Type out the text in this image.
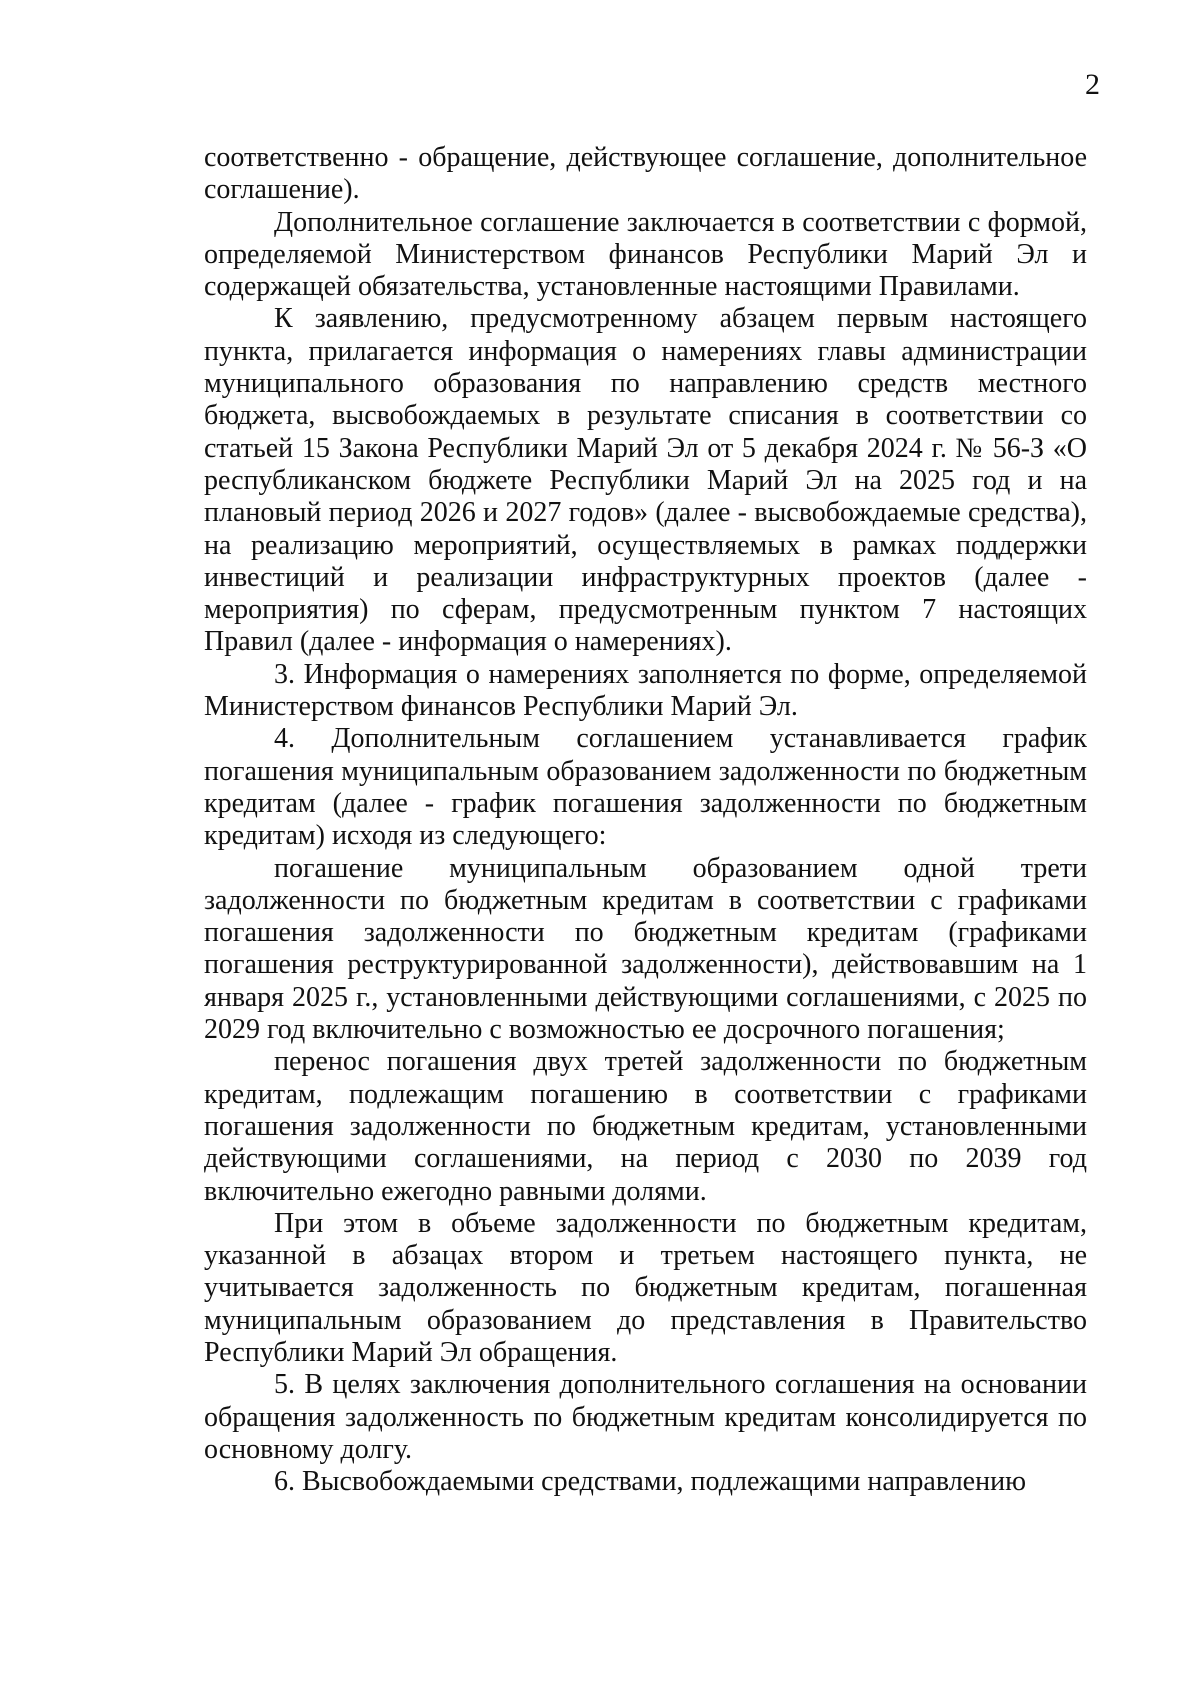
2

соответственно - обращение, действующее соглашение, дополнительное соглашение).

Дополнительное соглашение заключается в соответствии с формой, определяемой Министерством финансов Республики Марий Эл и содержащей обязательства, установленные настоящими Правилами.

К заявлению, предусмотренному абзацем первым настоящего пункта, прилагается информация о намерениях главы администрации муниципального образования по направлению средств местного бюджета, высвобождаемых в результате списания в соответствии со статьей 15 Закона Республики Марий Эл от 5 декабря 2024 г. № 56-З «О республиканском бюджете Республики Марий Эл на 2025 год и на плановый период 2026 и 2027 годов» (далее - высвобождаемые средства), на реализацию мероприятий, осуществляемых в рамках поддержки инвестиций и реализации инфраструктурных проектов (далее - мероприятия) по сферам, предусмотренным пунктом 7 настоящих Правил (далее - информация о намерениях).

3. Информация о намерениях заполняется по форме, определяемой Министерством финансов Республики Марий Эл.

4. Дополнительным соглашением устанавливается график погашения муниципальным образованием задолженности по бюджетным кредитам (далее - график погашения задолженности по бюджетным кредитам) исходя из следующего:

погашение муниципальным образованием одной трети задолженности по бюджетным кредитам в соответствии с графиками погашения задолженности по бюджетным кредитам (графиками погашения реструктурированной задолженности), действовавшим на 1 января 2025 г., установленными действующими соглашениями, с 2025 по 2029 год включительно с возможностью ее досрочного погашения;

перенос погашения двух третей задолженности по бюджетным кредитам, подлежащим погашению в соответствии с графиками погашения задолженности по бюджетным кредитам, установленными действующими соглашениями, на период с 2030 по 2039 год включительно ежегодно равными долями.

При этом в объеме задолженности по бюджетным кредитам, указанной в абзацах втором и третьем настоящего пункта, не учитывается задолженность по бюджетным кредитам, погашенная муниципальным образованием до представления в Правительство Республики Марий Эл обращения.

5. В целях заключения дополнительного соглашения на основании обращения задолженность по бюджетным кредитам консолидируется по основному долгу.

6. Высвобождаемыми средствами, подлежащими направлению
